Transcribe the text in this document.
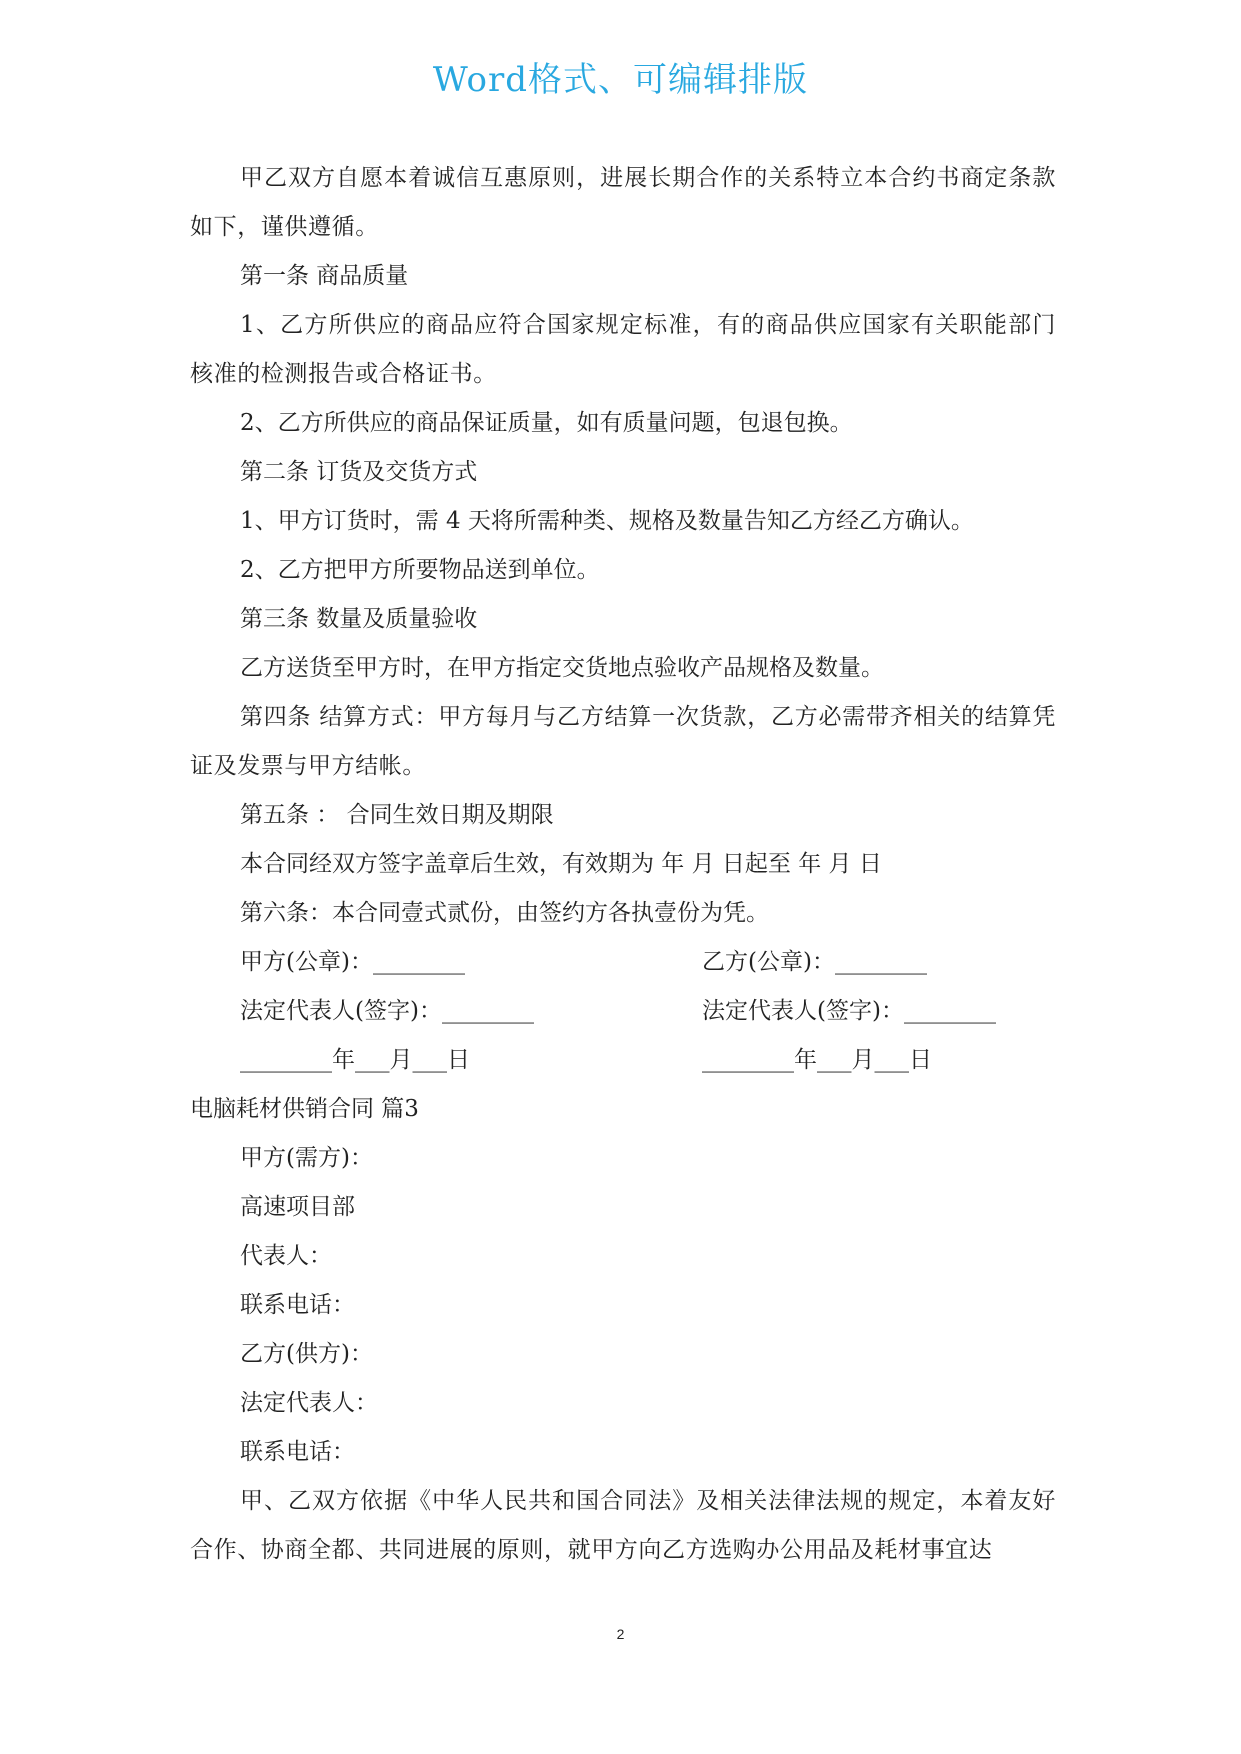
Word格式、可编辑排版
甲乙双方自愿本着诚信互惠原则，进展长期合作的关系特立本合约书商定条款如下，谨供遵循。
第一条 商品质量
1、乙方所供应的商品应符合国家规定标准，有的商品供应国家有关职能部门核准的检测报告或合格证书。
2、乙方所供应的商品保证质量，如有质量问题，包退包换。
第二条 订货及交货方式
1、甲方订货时，需 4 天将所需种类、规格及数量告知乙方经乙方确认。
2、乙方把甲方所要物品送到单位。
第三条 数量及质量验收
乙方送货至甲方时，在甲方指定交货地点验收产品规格及数量。
第四条 结算方式：甲方每月与乙方结算一次货款，乙方必需带齐相关的结算凭证及发票与甲方结帐。
第五条 ： 合同生效日期及期限
本合同经双方签字盖章后生效，有效期为 年 月 日起至 年 月 日
第六条：本合同壹式贰份，由签约方各执壹份为凭。
甲方(公章)：________	乙方(公章)：________
法定代表人(签字)：________	法定代表人(签字)：________
________年___月___日	________年___月___日
电脑耗材供销合同 篇3
甲方(需方)：
高速项目部
代表人：
联系电话：
乙方(供方)：
法定代表人：
联系电话：
甲、乙双方依据《中华人民共和国合同法》及相关法律法规的规定，本着友好合作、协商全都、共同进展的原则，就甲方向乙方选购办公用品及耗材事宜达
2
